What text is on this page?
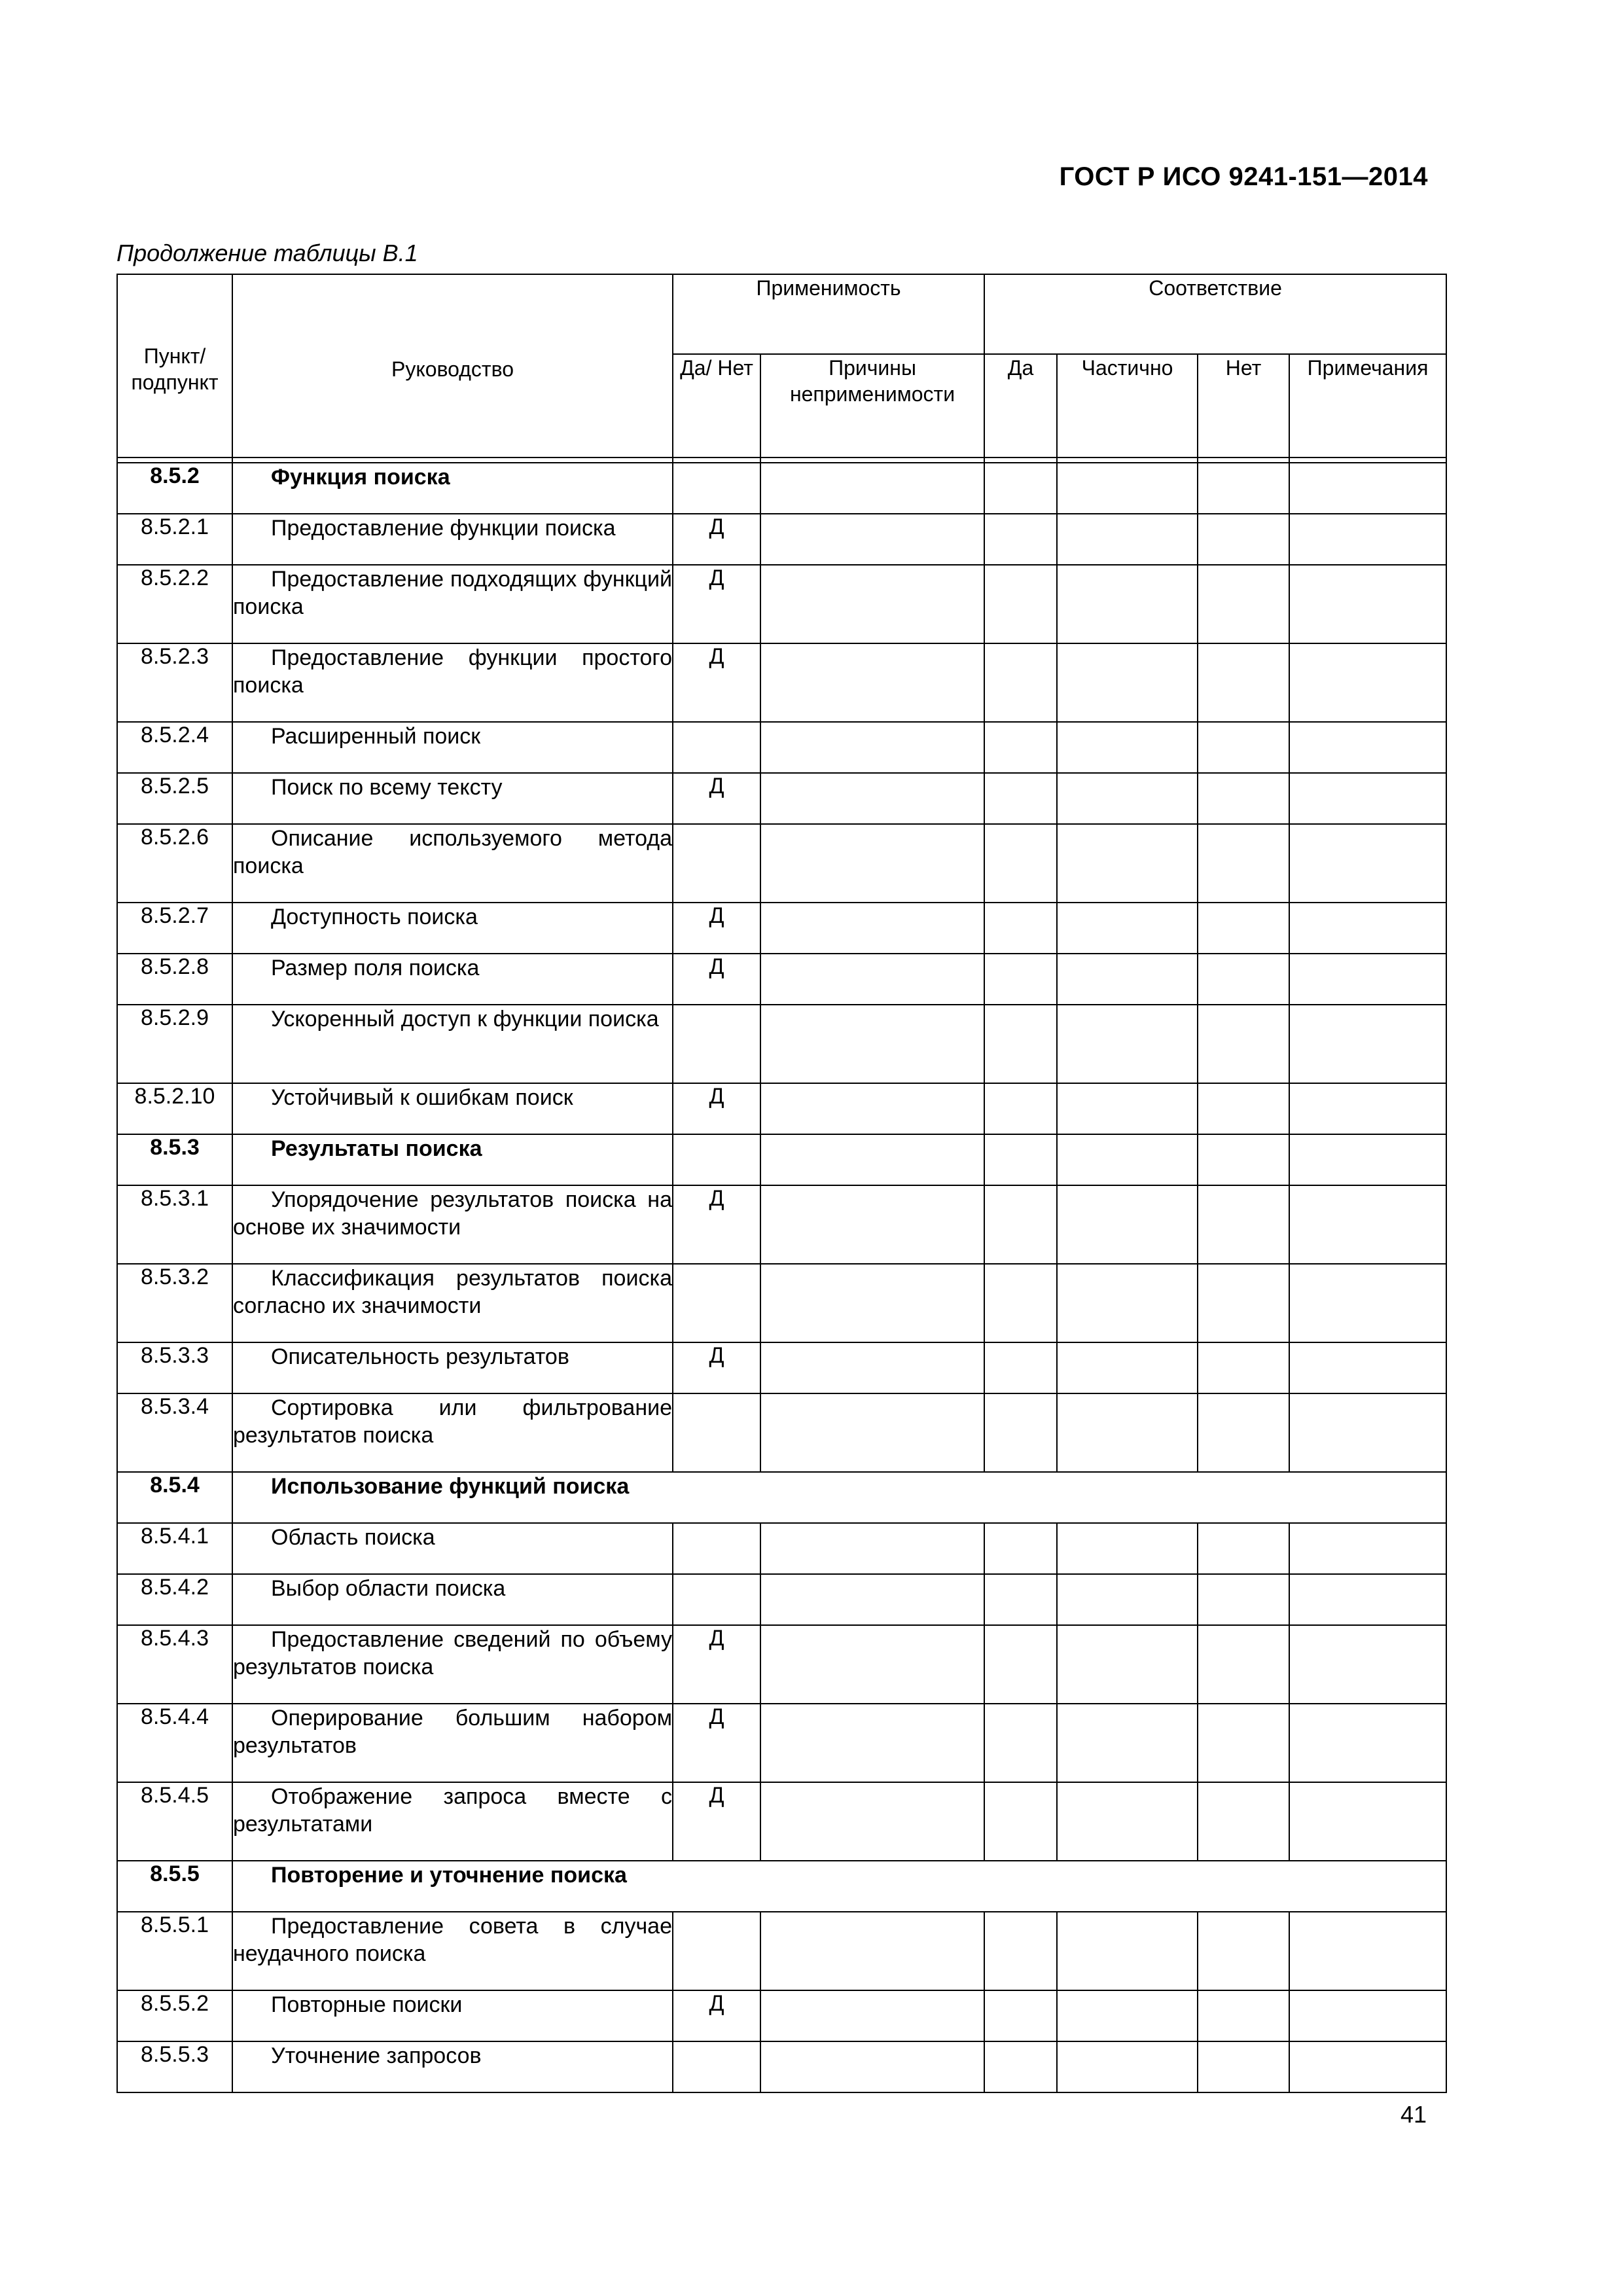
ГОСТ Р ИСО 9241-151—2014
Продолжение таблицы В.1
Пункт/ подпункт	Руководство	Применимость		Соответствие			
		Да/ Нет	Причины неприменимости	Да	Частично	Нет	Примечания

8.5.2	Функция поиска						

8.5.2.1	Предоставление функции поиска	Д					
8.5.2.2	Предоставление подходящих функций поиска	Д					
8.5.2.3	Предоставление функции простого поиска	Д					
8.5.2.4	Расширенный поиск						

8.5.2.5	Поиск по всему тексту	Д					
8.5.2.6	Описание используемого метода поиска						

8.5.2.7	Доступность поиска	Д					
8.5.2.8	Размер поля поиска	Д					
8.5.2.9	Ускоренный доступ к функции поиска						

8.5.2.10	Устойчивый к ошибкам поиск	Д					
8.5.3	Результаты поиска						

8.5.3.1	Упорядочение результатов поиска на основе их значимости	Д					
8.5.3.2	Классификация результатов поиска согласно их значимости						

8.5.3.3	Описательность результатов	Д					
8.5.3.4	Сортировка или фильтрование результатов поиска						

8.5.4	Использование функций поиска						

8.5.4.1	Область поиска						

8.5.4.2	Выбор области поиска						

8.5.4.3	Предоставление сведений по объему результатов поиска	Д					
8.5.4.4	Оперирование большим набором результатов	Д					
8.5.4.5	Отображение запроса вместе с результатами	Д					
8.5.5	Повторение и уточнение поиска						

8.5.5.1	Предоставление совета в случае неудачного поиска						

8.5.5.2	Повторные поиски	Д					
8.5.5.3	Уточнение запросов						

41
